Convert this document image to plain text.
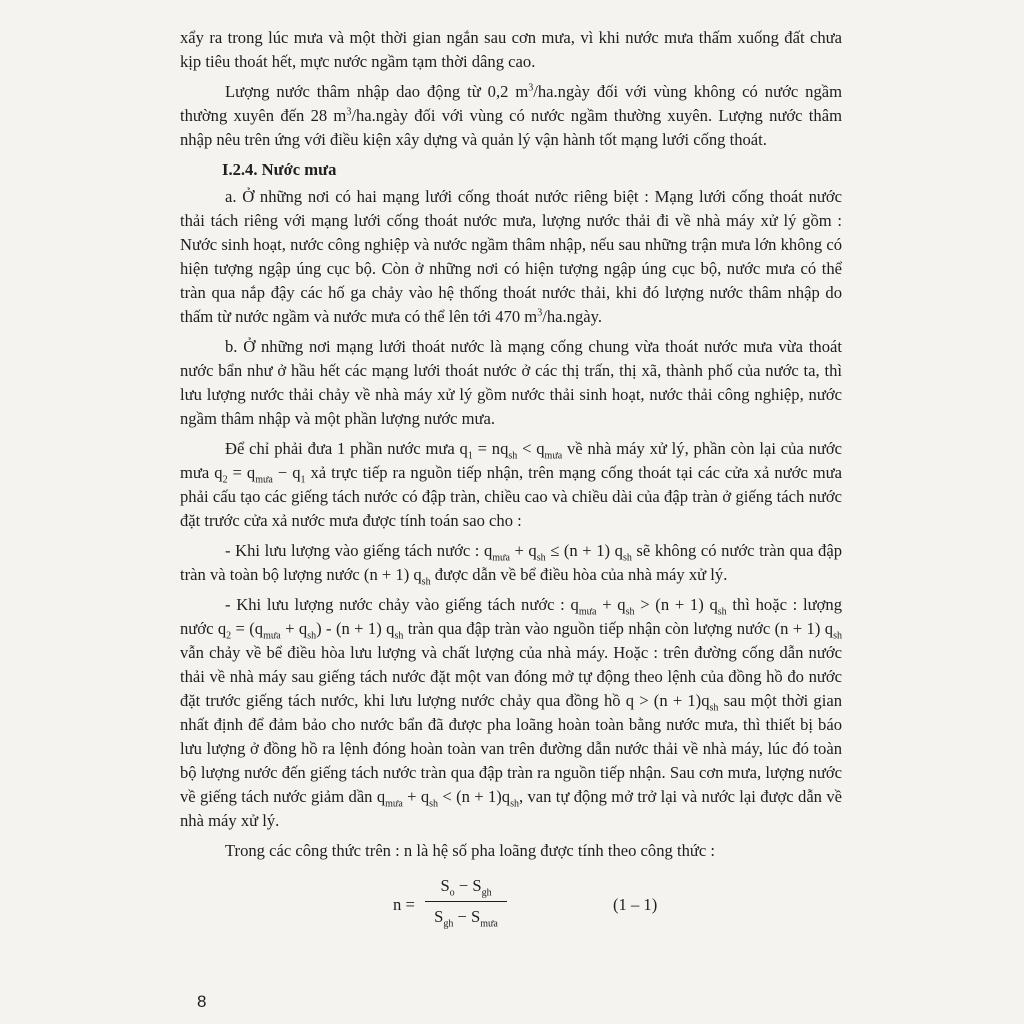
xẩy ra trong lúc mưa và một thời gian ngắn sau cơn mưa, vì khi nước mưa thấm xuống đất chưa kịp tiêu thoát hết, mực nước ngầm tạm thời dâng cao.

Lượng nước thâm nhập dao động từ 0,2 $m^3/ha.ngày$ đối với vùng không có nước ngầm thường xuyên đến 28 $m^3/ha.ngày$ đối với vùng có nước ngầm thường xuyên. Lượng nước thâm nhập nêu trên ứng với điều kiện xây dựng và quản lý vận hành tốt mạng lưới cống thoát.

I.2.4. Nước mưa

a. Ở những nơi có hai mạng lưới cống thoát nước riêng biệt : Mạng lưới cống thoát nước thải tách riêng với mạng lưới cống thoát nước mưa, lượng nước thải đi về nhà máy xử lý gồm : Nước sinh hoạt, nước công nghiệp và nước ngầm thâm nhập, nếu sau những trận mưa lớn không có hiện tượng ngập úng cục bộ. Còn ở những nơi có hiện tượng ngập úng cục bộ, nước mưa có thể tràn qua nắp đậy các hố ga chảy vào hệ thống thoát nước thải, khi đó lượng nước thâm nhập do thấm từ nước ngầm và nước mưa có thể lên tới 470 $m^3/ha.ngày$.

b. Ở những nơi mạng lưới thoát nước là mạng cống chung vừa thoát nước mưa vừa thoát nước bẩn như ở hầu hết các mạng lưới thoát nước ở các thị trấn, thị xã, thành phố của nước ta, thì lưu lượng nước thải chảy về nhà máy xử lý gồm nước thải sinh hoạt, nước thải công nghiệp, nước ngầm thâm nhập và một phần lượng nước mưa.

Để chỉ phải đưa 1 phần nước mưa $q_1 = nq_{sh} < q_{mưa}$ về nhà máy xử lý, phần còn lại của nước mưa $q_2 = q_{mưa} - q_1$ xả trực tiếp ra nguồn tiếp nhận, trên mạng cống thoát tại các cửa xả nước mưa phải cấu tạo các giếng tách nước có đập tràn, chiều cao và chiều dài của đập tràn ở giếng tách nước đặt trước cửa xả nước mưa được tính toán sao cho :

- Khi lưu lượng vào giếng tách nước : $q_{mưa} + q_{sh} \le (n + 1)$ $q_{sh}$ sẽ không có nước tràn qua đập tràn và toàn bộ lượng nước (n + 1) $q_{sh}$ được dẫn về bể điều hòa của nhà máy xử lý.

- Khi lưu lượng nước chảy vào giếng tách nước : $q_{mưa} + q_{sh} > (n + 1)$ $q_{sh}$ thì hoặc : lượng nước $q_2 = (q_{mưa} + q_{sh}) - (n + 1)$ $q_{sh}$ tràn qua đập tràn vào nguồn tiếp nhận còn lượng nước (n + 1) $q_{sh}$ vẫn chảy về bể điều hòa lưu lượng và chất lượng của nhà máy. Hoặc : trên đường cống dẫn nước thải về nhà máy sau giếng tách nước đặt một van đóng mở tự động theo lệnh của đồng hồ đo nước đặt trước giếng tách nước, khi lưu lượng nước chảy qua đồng hồ $q > (n + 1)q_{sh}$ sau một thời gian nhất định để đảm bảo cho nước bẩn đã được pha loãng hoàn toàn bằng nước mưa, thì thiết bị báo lưu lượng ở đồng hồ ra lệnh đóng hoàn toàn van trên đường dẫn nước thải về nhà máy, lúc đó toàn bộ lượng nước đến giếng tách nước tràn qua đập tràn ra nguồn tiếp nhận. Sau cơn mưa, lượng nước về giếng tách nước giảm dần $q_{mưa} + q_{sh} < (n + 1)q_{sh}$, van tự động mở trở lại và nước lại được dẫn về nhà máy xử lý.

Trong các công thức trên : n là hệ số pha loãng được tính theo công thức :

n =
$S_o - S_{gh}$
$S_{gh} - S_{mưa}$
(1 – 1)
8
